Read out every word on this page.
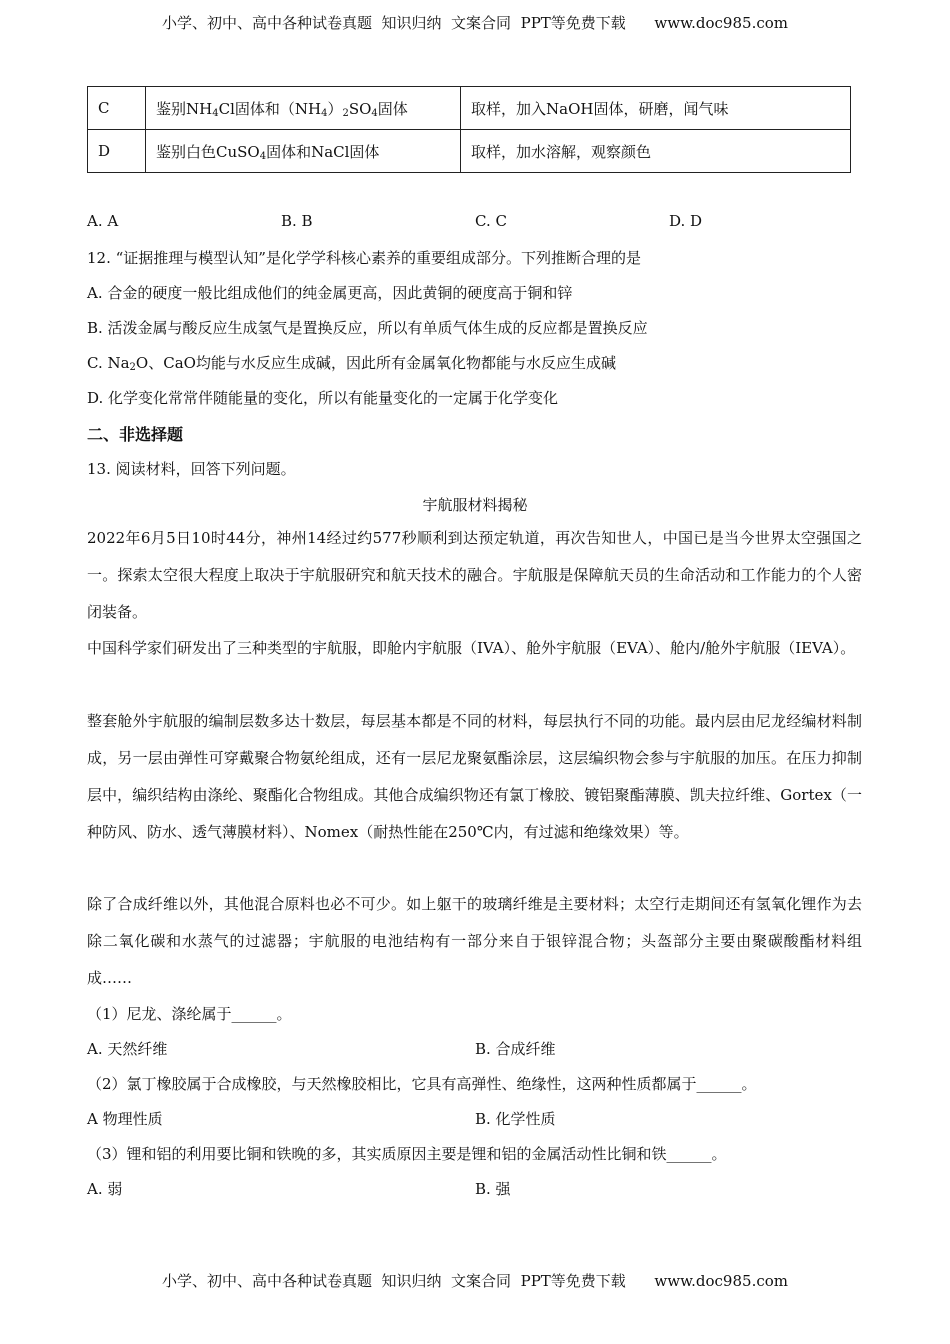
小学、初中、高中各种试卷真题  知识归纳  文案合同  PPT等免费下载      www.doc985.com
C	鉴别$NH_4Cl$固体和$(NH_4)_2SO_4$固体	取样，加入NaOH固体，研磨，闻气味
D	鉴别白色CuSO$_4$固体和NaCl固体	取样，加水溶解，观察颜色
A. A	B. B	C. C	D. D
12. “证据推理与模型认知”是化学学科核心素养的重要组成部分。下列推断合理的是
A. 合金的硬度一般比组成他们的纯金属更高，因此黄铜的硬度高于铜和锌
B. 活泼金属与酸反应生成氢气是置换反应，所以有单质气体生成的反应都是置换反应
C. $Na_2O$、CaO均能与水反应生成碱，因此所有金属氧化物都能与水反应生成碱
D. 化学变化常常伴随能量的变化，所以有能量变化的一定属于化学变化
二、非选择题
13. 阅读材料，回答下列问题。
宇航服材料揭秘
2022年6月5日10时44分，神州14经过约577秒顺利到达预定轨道，再次告知世人，中国已是当今世界太空强国之一。探索太空很大程度上取决于宇航服研究和航天技术的融合。宇航服是保障航天员的生命活动和工作能力的个人密闭装备。
中国科学家们研发出了三种类型的宇航服，即舱内宇航服（IVA）、舱外宇航服（EVA）、舱内/舱外宇航服（IEVA）。
整套舱外宇航服的编制层数多达十数层，每层基本都是不同的材料，每层执行不同的功能。最内层由尼龙经编材料制成，另一层由弹性可穿戴聚合物氨纶组成，还有一层尼龙聚氨酯涂层，这层编织物会参与宇航服的加压。在压力抑制层中，编织结构由涤纶、聚酯化合物组成。其他合成编织物还有氯丁橡胶、镀铝聚酯薄膜、凯夫拉纤维、Gortex（一种防风、防水、透气薄膜材料）、Nomex（耐热性能在250℃内，有过滤和绝缘效果）等。
除了合成纤维以外，其他混合原料也必不可少。如上躯干的玻璃纤维是主要材料；太空行走期间还有氢氧化锂作为去除二氧化碳和水蒸气的过滤器；宇航服的电池结构有一部分来自于银锌混合物；头盔部分主要由聚碳酸酯材料组成……
（1）尼龙、涤纶属于______。
A. 天然纤维	B. 合成纤维
（2）氯丁橡胶属于合成橡胶，与天然橡胶相比，它具有高弹性、绝缘性，这两种性质都属于______。
A 物理性质	B. 化学性质
（3）锂和铝的利用要比铜和铁晚的多，其实质原因主要是锂和铝的金属活动性比铜和铁______。
A. 弱	B. 强
小学、初中、高中各种试卷真题  知识归纳  文案合同  PPT等免费下载      www.doc985.com
